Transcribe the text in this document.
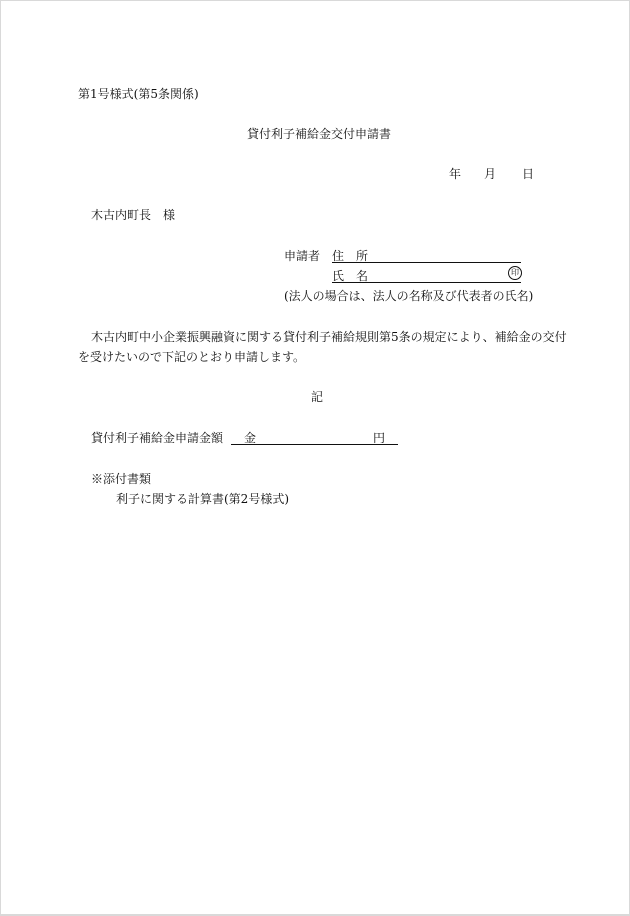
第1号様式(第5条関係)
貸付利子補給金交付申請書
年 月 日
木古内町長 様
申請者 住　所
氏　名	印
(法人の場合は、法人の名称及び代表者の氏名)
木古内町中小企業振興融資に関する貸付利子補給規則第5条の規定により、補給金の交付
を受けたいので下記のとおり申請します。
記
貸付利子補給金申請金額 金	円
※添付書類
利子に関する計算書(第2号様式)
